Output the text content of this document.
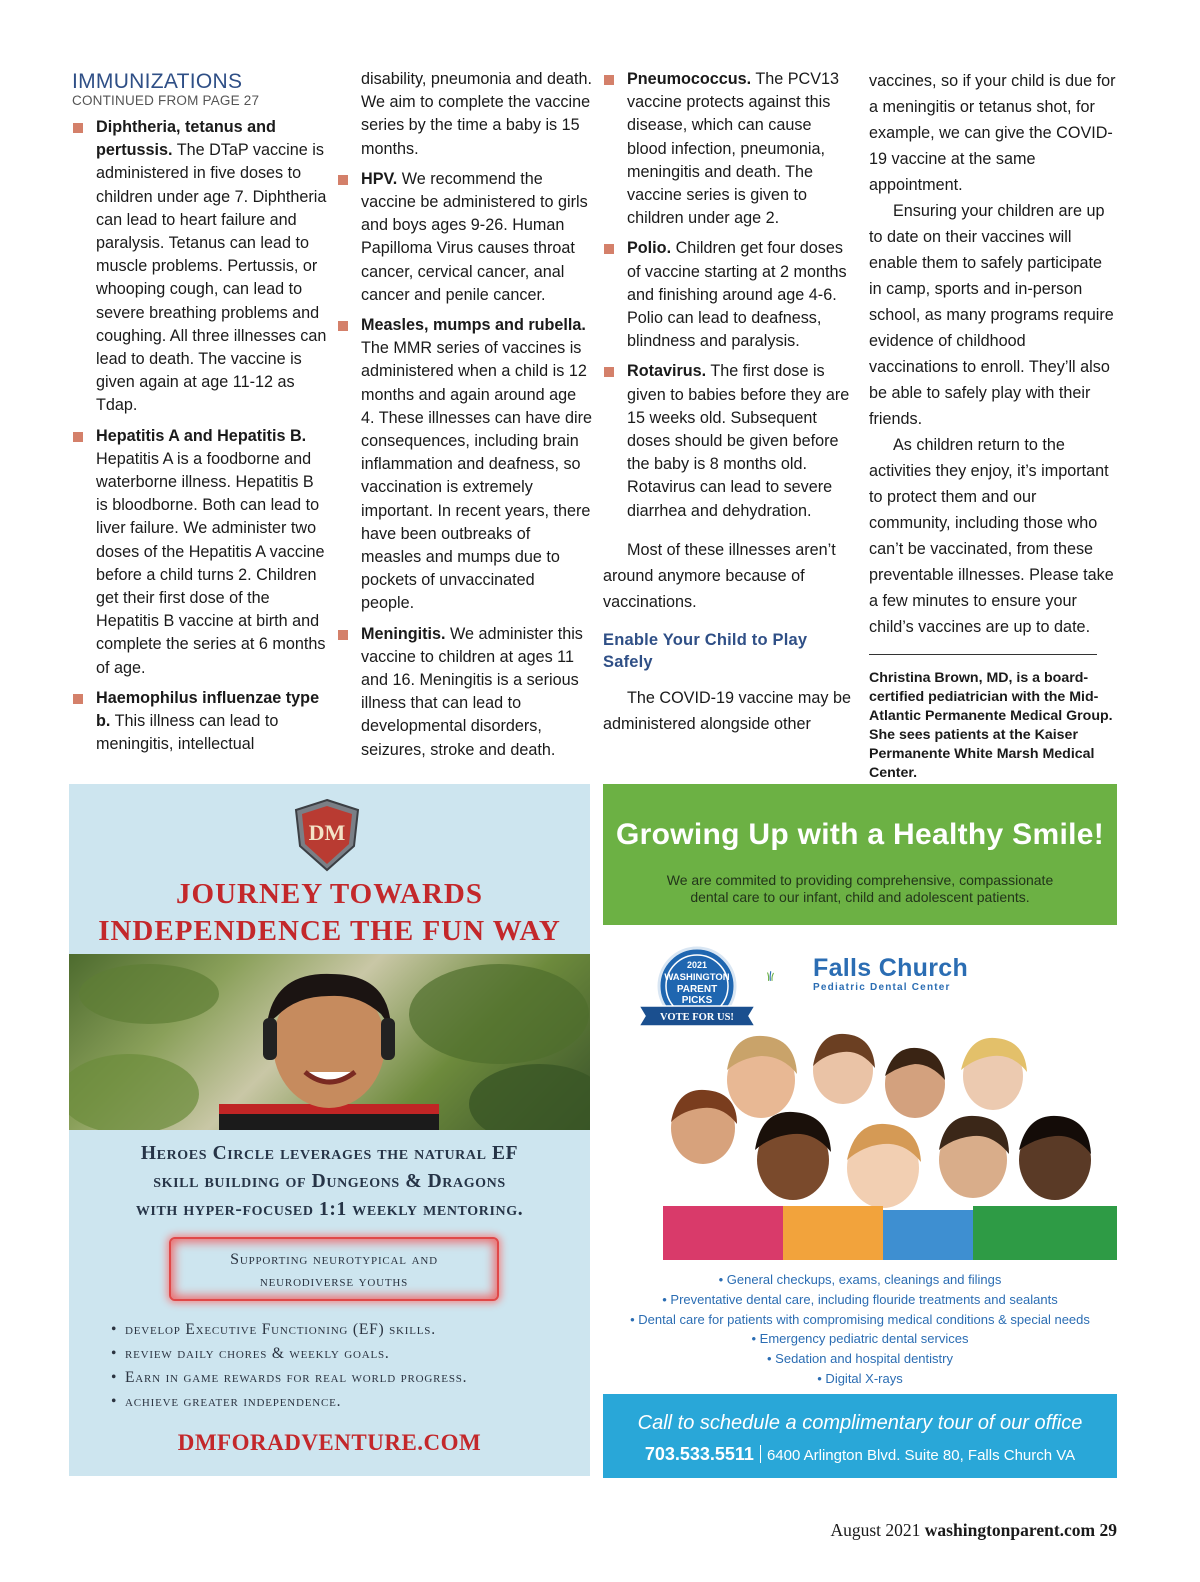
IMMUNIZATIONS
CONTINUED FROM PAGE 27
Diphtheria, tetanus and pertussis. The DTaP vaccine is administered in five doses to children under age 7. Diphtheria can lead to heart failure and paralysis. Tetanus can lead to muscle problems. Pertussis, or whooping cough, can lead to severe breathing problems and coughing. All three illnesses can lead to death. The vaccine is given again at age 11-12 as Tdap.
Hepatitis A and Hepatitis B. Hepatitis A is a foodborne and waterborne illness. Hepatitis B is bloodborne. Both can lead to liver failure. We administer two doses of the Hepatitis A vaccine before a child turns 2. Children get their first dose of the Hepatitis B vaccine at birth and complete the series at 6 months of age.
Haemophilus influenzae type b. This illness can lead to meningitis, intellectual
disability, pneumonia and death. We aim to complete the vaccine series by the time a baby is 15 months.
HPV. We recommend the vaccine be administered to girls and boys ages 9-26. Human Papilloma Virus causes throat cancer, cervical cancer, anal cancer and penile cancer.
Measles, mumps and rubella. The MMR series of vaccines is administered when a child is 12 months and again around age 4. These illnesses can have dire consequences, including brain inflammation and deafness, so vaccination is extremely important. In recent years, there have been outbreaks of measles and mumps due to pockets of unvaccinated people.
Meningitis. We administer this vaccine to children at ages 11 and 16. Meningitis is a serious illness that can lead to developmental disorders, seizures, stroke and death.
Pneumococcus. The PCV13 vaccine protects against this disease, which can cause blood infection, pneumonia, meningitis and death. The vaccine series is given to children under age 2.
Polio. Children get four doses of vaccine starting at 2 months and finishing around age 4-6. Polio can lead to deafness, blindness and paralysis.
Rotavirus. The first dose is given to babies before they are 15 weeks old. Subsequent doses should be given before the baby is 8 months old. Rotavirus can lead to severe diarrhea and dehydration.

Most of these illnesses aren’t around anymore because of vaccinations.

Enable Your Child to Play Safely

The COVID-19 vaccine may be administered alongside other

vaccines, so if your child is due for a meningitis or tetanus shot, for example, we can give the COVID-19 vaccine at the same appointment.

Ensuring your children are up to date on their vaccines will enable them to safely participate in camp, sports and in-person school, as many programs require evidence of childhood vaccinations to enroll. They’ll also be able to safely play with their friends.

As children return to the activities they enjoy, it’s important to protect them and our community, including those who can’t be vaccinated, from these preventable illnesses. Please take a few minutes to ensure your child’s vaccines are up to date.

Christina Brown, MD, is a board-certified pediatrician with the Mid-Atlantic Permanente Medical Group. She sees patients at the Kaiser Permanente White Marsh Medical Center.
DM
JOURNEY TOWARDS
INDEPENDENCE THE FUN WAY
Heroes Circle leverages the natural EF
skill building of Dungeons & Dragons
with hyper-focused 1:1 weekly mentoring.
Supporting neurotypical and
neurodiverse youths
• develop Executive Functioning (EF) skills.
• review daily chores & weekly goals.
• Earn in game rewards for real world progress.
• achieve greater independence.
DMFORADVENTURE.COM
Growing Up with a Healthy Smile!
We are commited to providing comprehensive, compassionate
dental care to our infant, child and adolescent patients.
2021
WASHINGTON
PARENT
PICKS
VOTE FOR US!
Falls Church
Pediatric Dental Center
• General checkups, exams, cleanings and filings
• Preventative dental care, including flouride treatments and sealants
• Dental care for patients with compromising medical conditions & special needs
• Emergency pediatric dental services
• Sedation and hospital dentistry
• Digital X-rays
Call to schedule a complimentary tour of our office
703.533.5511 6400 Arlington Blvd. Suite 80, Falls Church VA
August 2021 washingtonparent.com 29
